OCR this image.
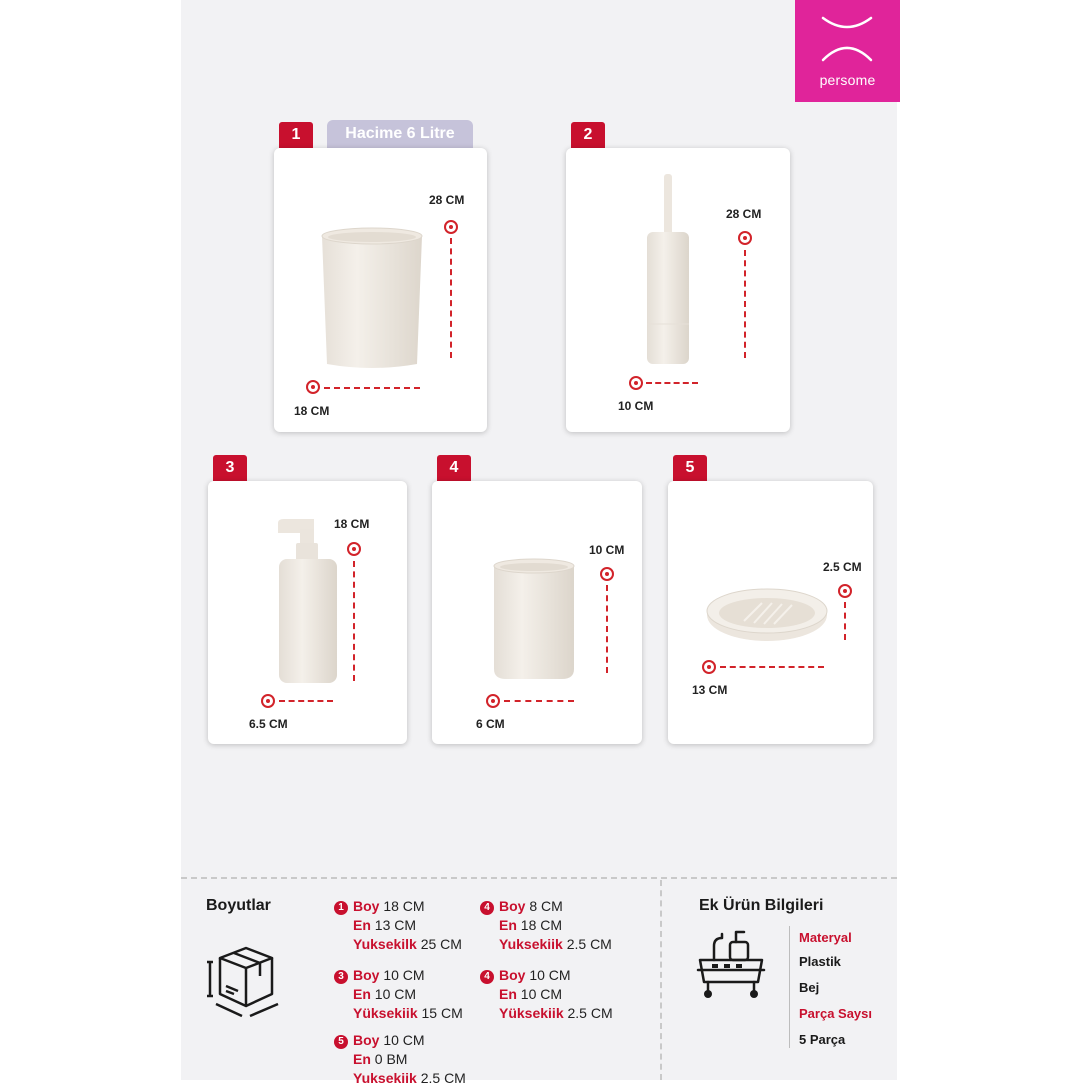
persome
1	Hacime 6 Litre
28 CM
18 CM
2
28 CM
10 CM
3
18 CM
6.5 CM
4
10 CM
6 CM
5
2.5 CM
13 CM
Boyutlar	1 Boy 18 CM
En 13 CM
Yuksekilk 25 CM
4 Boy 8 CM
En 18 CM
Yuksekiik 2.5 CM
3 Boy 10 CM
En 10 CM
Yüksekiik 15 CM
4 Boy 10 CM
En 10 CM
Yüksekiik 2.5 CM
5 Boy 10 CM
En 0 BM
Yuksekiik 2.5 CM
Ek Ürün Bilgileri
Materyal
Plastik
Bej
Parça Saysı
5 Parça
